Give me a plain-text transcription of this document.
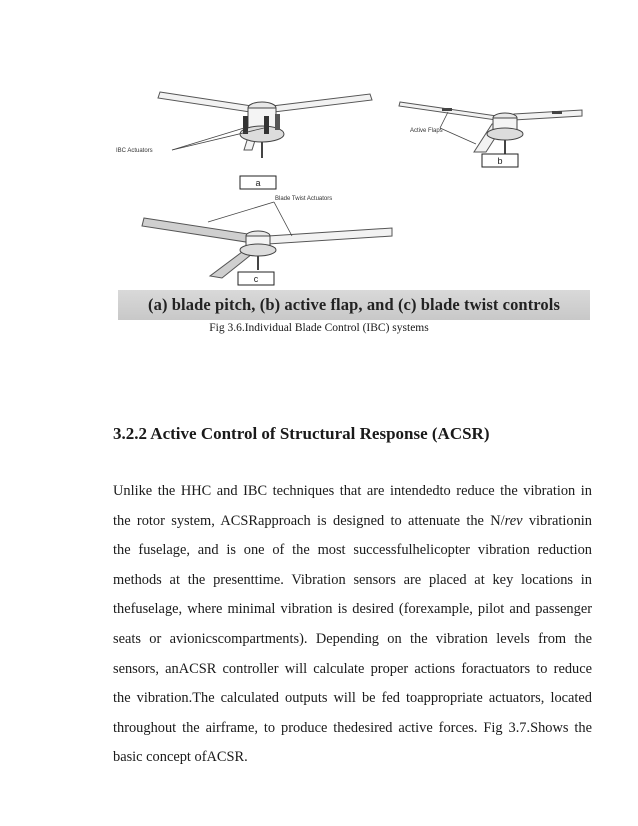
a
IBC Actuators
b
Active Flaps
c
Blade Twist Actuators
(a) blade pitch, (b) active flap, and (c) blade twist controls
Fig 3.6.Individual Blade Control (IBC) systems
3.2.2 Active Control of Structural Response (ACSR)
Unlike the HHC and IBC techniques that are intendedto reduce the vibration in
the rotor system, ACSRapproach is designed to attenuate the N/rev vibrationin
the fuselage, and is one of the most successfulhelicopter vibration reduction
methods at the presenttime. Vibration sensors are placed at key locations in
thefuselage, where minimal vibration is desired (forexample, pilot and passenger
seats or avionicscompartments). Depending on the vibration levels from the
sensors, anACSR controller will calculate proper actions foractuators to reduce
the vibration.The calculated outputs will be fed toappropriate actuators, located
throughout the airframe, to produce thedesired active forces. Fig 3.7.Shows the
basic concept ofACSR.
